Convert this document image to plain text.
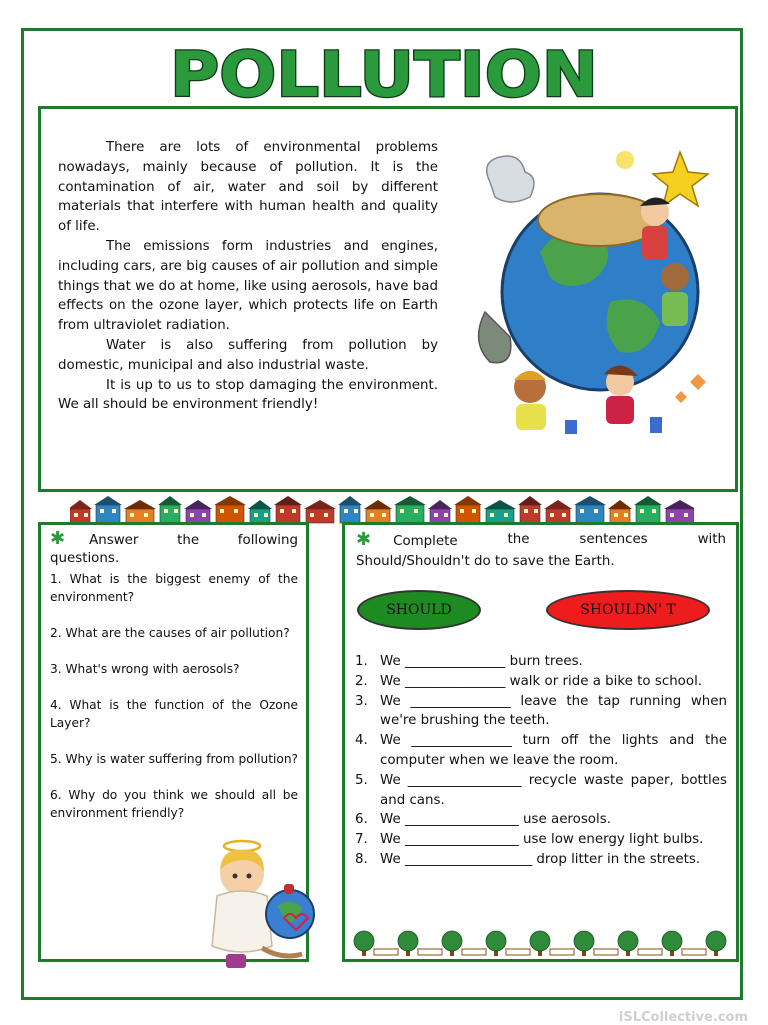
POLLUTION

There are lots of environmental problems nowadays, mainly because of pollution. It is the contamination of air, water and soil by different materials that interfere with human health and quality of life.

The emissions form industries and engines, including cars, are big causes of air pollution and simple things that we do at home, like using aerosols, have bad effects on the ozone layer, which protects life on Earth from ultraviolet radiation.

Water is also suffering from pollution by domestic, municipal and also industrial waste.

It is up to us to stop damaging the environment. We all should be environment friendly!

✱ Answer the following questions.
1. What is the biggest enemy of the environment?
2. What are the causes of air pollution?
3. What's wrong with aerosols?
4. What is the function of the Ozone Layer?
5. Why is water suffering from pollution?
6. Why do you think we should all be environment friendly?
✱ Complete	the	sentences	with
Should/Shouldn't do to save the Earth.
SHOULD	SHOULDN' T
1. We _______________ burn trees.
2. We _______________ walk or ride a bike to school.
3. We _______________ leave the tap running when we're brushing the teeth.
4. We _______________ turn off the lights and the computer when we leave the room.
5. We _________________ recycle waste paper, bottles and cans.
6. We _________________ use aerosols.
7. We _________________ use low energy light bulbs.
8. We ___________________ drop litter in the streets.
iSLCollective.com
